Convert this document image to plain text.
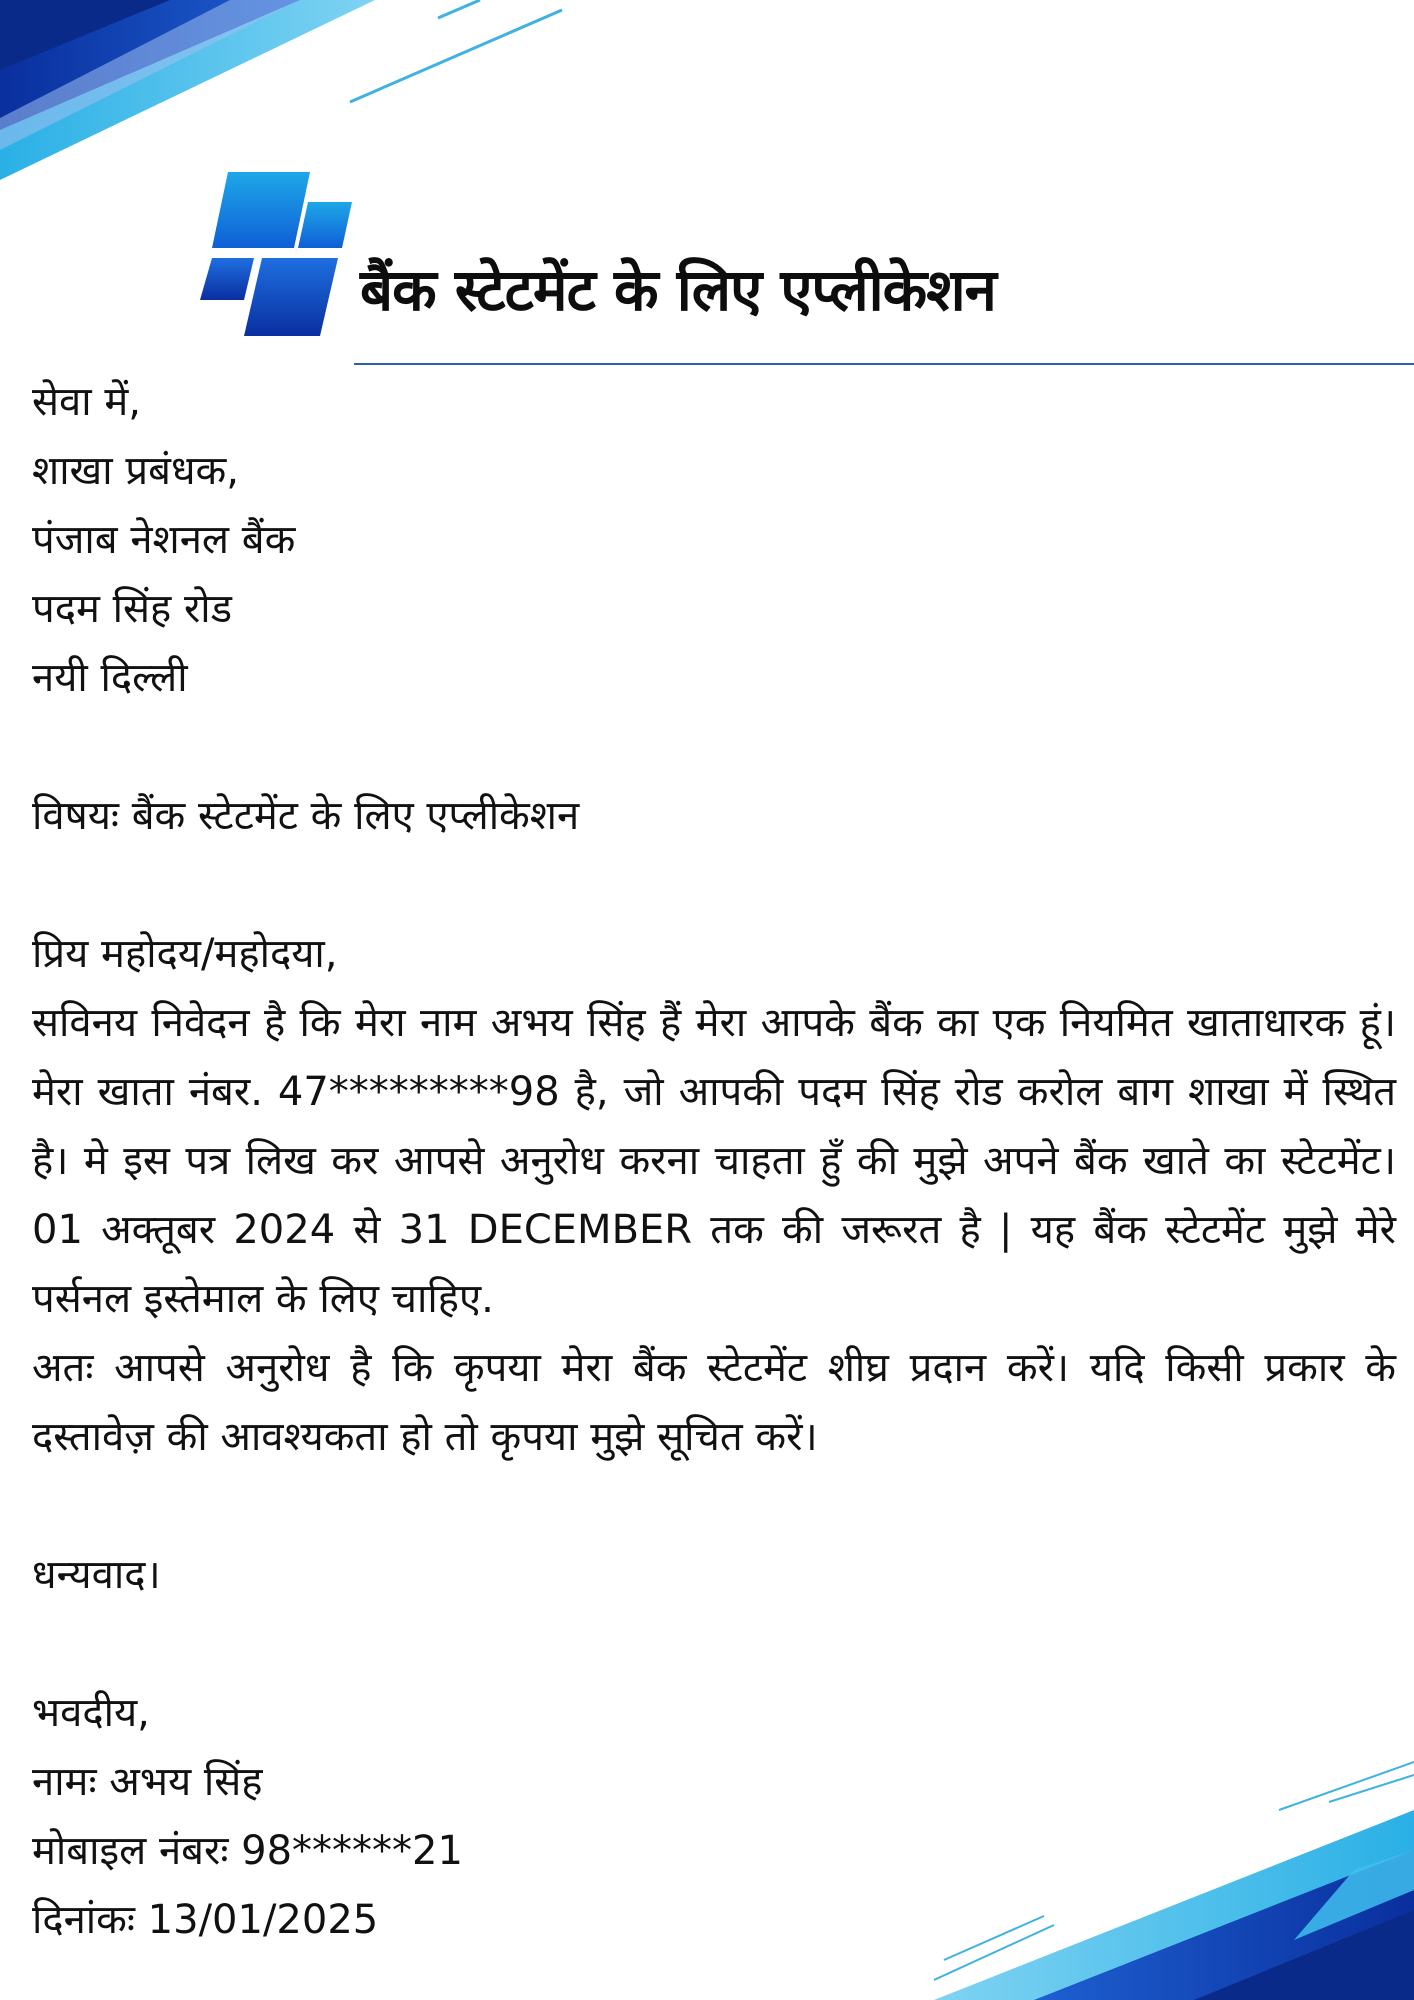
बैंक स्टेटमेंट के लिए एप्लीकेशन
सेवा में,
शाखा प्रबंधक,
पंजाब नेशनल बैंक
पदम सिंह रोड
नयी दिल्ली
विषयः बैंक स्टेटमेंट के लिए एप्लीकेशन
प्रिय महोदय/महोदया,
सविनय निवेदन है कि मेरा नाम अभय सिंह हैं मेरा आपके बैंक का एक नियमित खाताधारक हूं। मेरा खाता नंबर. 47*********98 है, जो आपकी पदम सिंह रोड करोल बाग शाखा में स्थित है। मे इस पत्र लिख कर आपसे अनुरोध करना चाहता हुँ की मुझे अपने बैंक खाते का स्टेटमेंट। 01 अक्तूबर 2024 से 31 DECEMBER तक की जरूरत है | यह बैंक स्टेटमेंट मुझे मेरे पर्सनल इस्तेमाल के लिए चाहिए.
अतः आपसे अनुरोध है कि कृपया मेरा बैंक स्टेटमेंट शीघ्र प्रदान करें। यदि किसी प्रकार के दस्तावेज़ की आवश्यकता हो तो कृपया मुझे सूचित करें।
धन्यवाद।
भवदीय,
नामः अभय सिंह
मोबाइल नंबरः 98******21
दिनांकः 13/01/2025
